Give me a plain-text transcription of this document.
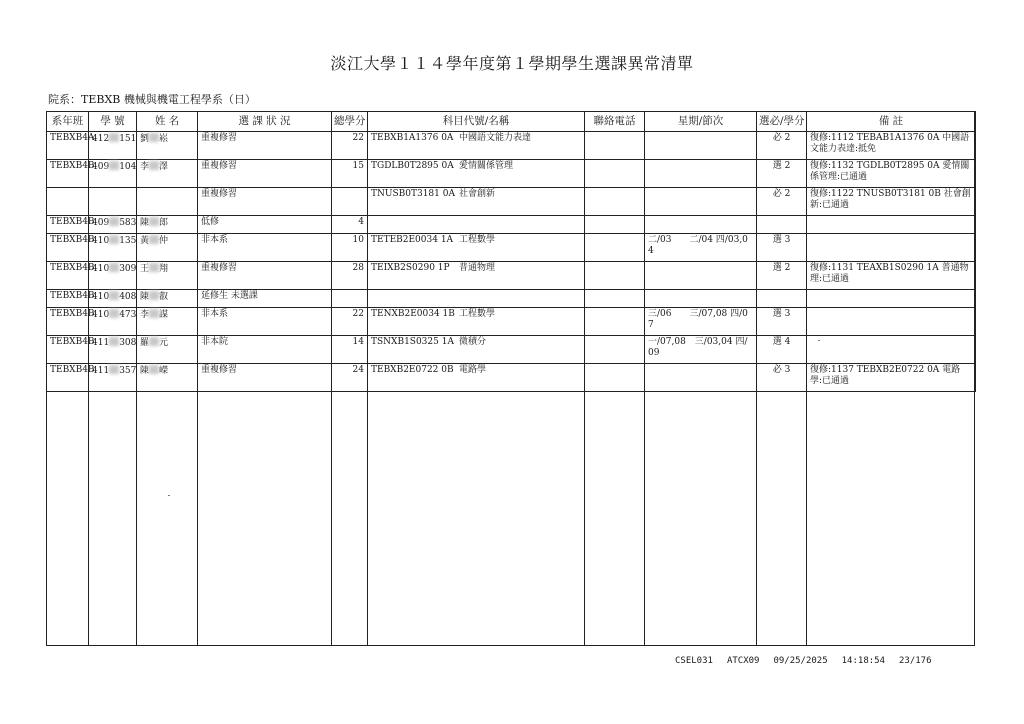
淡江大學１１４學年度第１學期學生選課異常清單
院系：TEBXB 機械與機電工程學系（日）
系年班	學 號	姓 名	選 課 狀 況	總學分	科目代號/名稱	聯絡電話	星期/節次	選必/學分	備 註
TEBXB4A	412 151	劉 崧	重複修習	22	TEBXB1A1376 0A 中國語文能力表達			必 2	復修:1112 TEBAB1A1376 0A 中國語文能力表達:抵免
TEBXB4B	409 104	李 澤	重複修習	15	TGDLB0T2895 0A 愛情關係管理			選 2	復修:1132 TGDLB0T2895 0A 愛情關係管理:已通過
			重複修習		TNUSB0T3181 0A 社會創新			必 2	復修:1122 TNUSB0T3181 0B 社會創新:已通過
TEBXB4B	409 583	陳 郎	低修	4					
TEBXB4B	410 135	黃 仲	非本系	10	TETEB2E0034 1A 工程數學		二/03　　二/04 四/03,04	選 3	
TEBXB4B	410 309	王 翔	重複修習	28	TEIXB2S0290 1P 普通物理			選 2	復修:1131 TEAXB1S0290 1A 普通物理:已通過
TEBXB4B	410 408	陳 叡	延修生 未選課						
TEBXB4B	410 473	李 謀	非本系	22	TENXB2E0034 1B 工程數學		三/06　　三/07,08 四/07	選 3	
TEBXB4B	411 308	羅 元	非本院	14	TSNXB1S0325 1A 微積分		一/07,08　三/03,04 四/09	選 4	
TEBXB4B	411 357	陳 嶸	重複修習	24	TEBXB2E0722 0B 電路學			必 3	復修:1137 TEBXB2E0722 0A 電路學:已通過
CSEL031 ATCX09 09/25/2025 14:18:54 23/176
